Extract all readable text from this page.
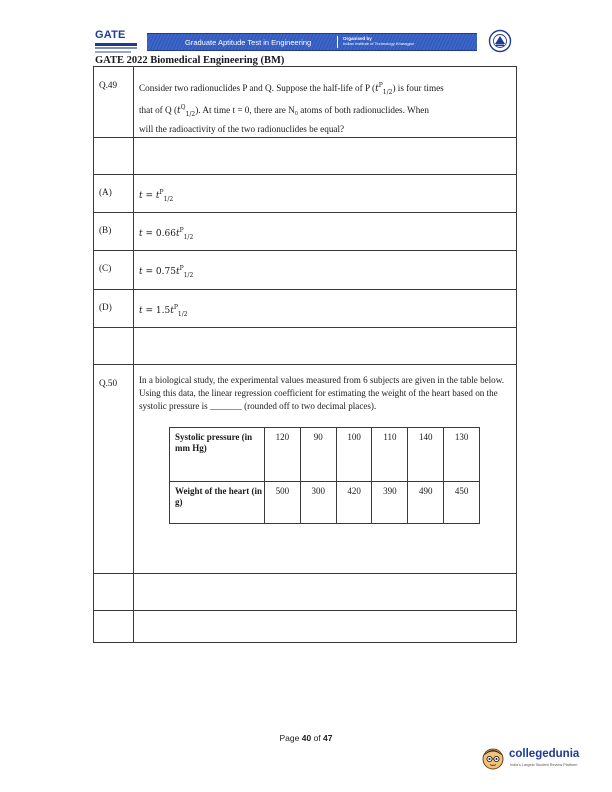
GATE
Graduate Aptitude Test in Engineering	Organised by
Indian Institute of Technology Kharagpur
GATE 2022 Biomedical Engineering (BM)
Q.49	Consider two radionuclides P and Q. Suppose the half-life of P $(t^P_{1/2})$ is four times
that of Q $(t^Q_{1/2})$. At time t = 0, there are N₀ atoms of both radionuclides. When
will the radioactivity of the two radionuclides be equal?

(A)	$t = t^P_{1/2}$
(B)	$t = 0.66t^P_{1/2}$
(C)	$t = 0.75t^P_{1/2}$
(D)	$t = 1.5t^P_{1/2}$

Q.50	In a biological study, the experimental values measured from 6 subjects are given in the table below. Using this data, the linear regression coefficient for estimating the weight of the heart based on the systolic pressure is _______ (rounded off to two decimal places).
Systolic pressure (in mm Hg)	120	90	100	110	140	130
Weight of the heart (in g)	500	300	420	390	490	450

Page 40 of 47
collegedunia
India's Largest Student Review Platform
